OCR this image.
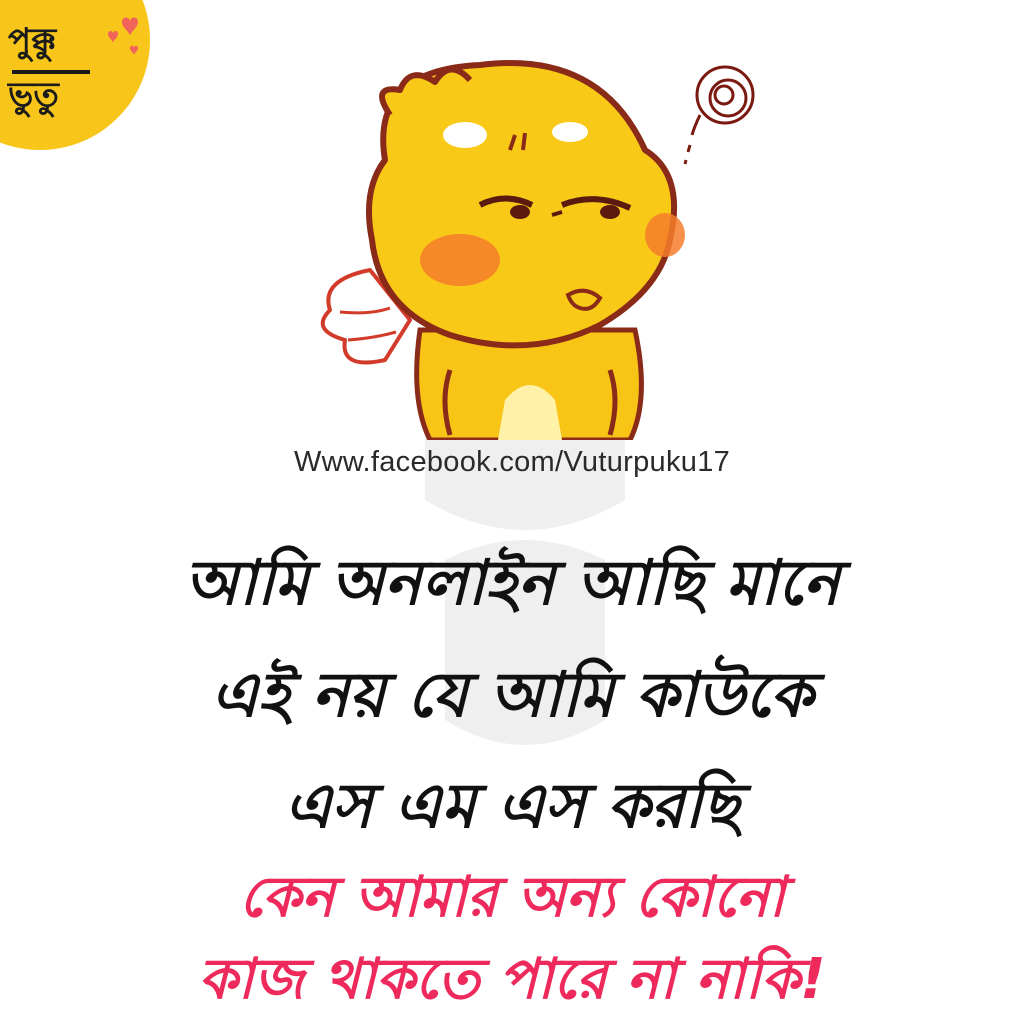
পুক্কু
ভুতু
Www.facebook.com/Vuturpuku17
আমি অনলাইন আছি মানে
এই নয় যে আমি কাউকে
এস এম এস করছি
কেন আমার অন্য কোনো
কাজ থাকতে পারে না নাকি!
